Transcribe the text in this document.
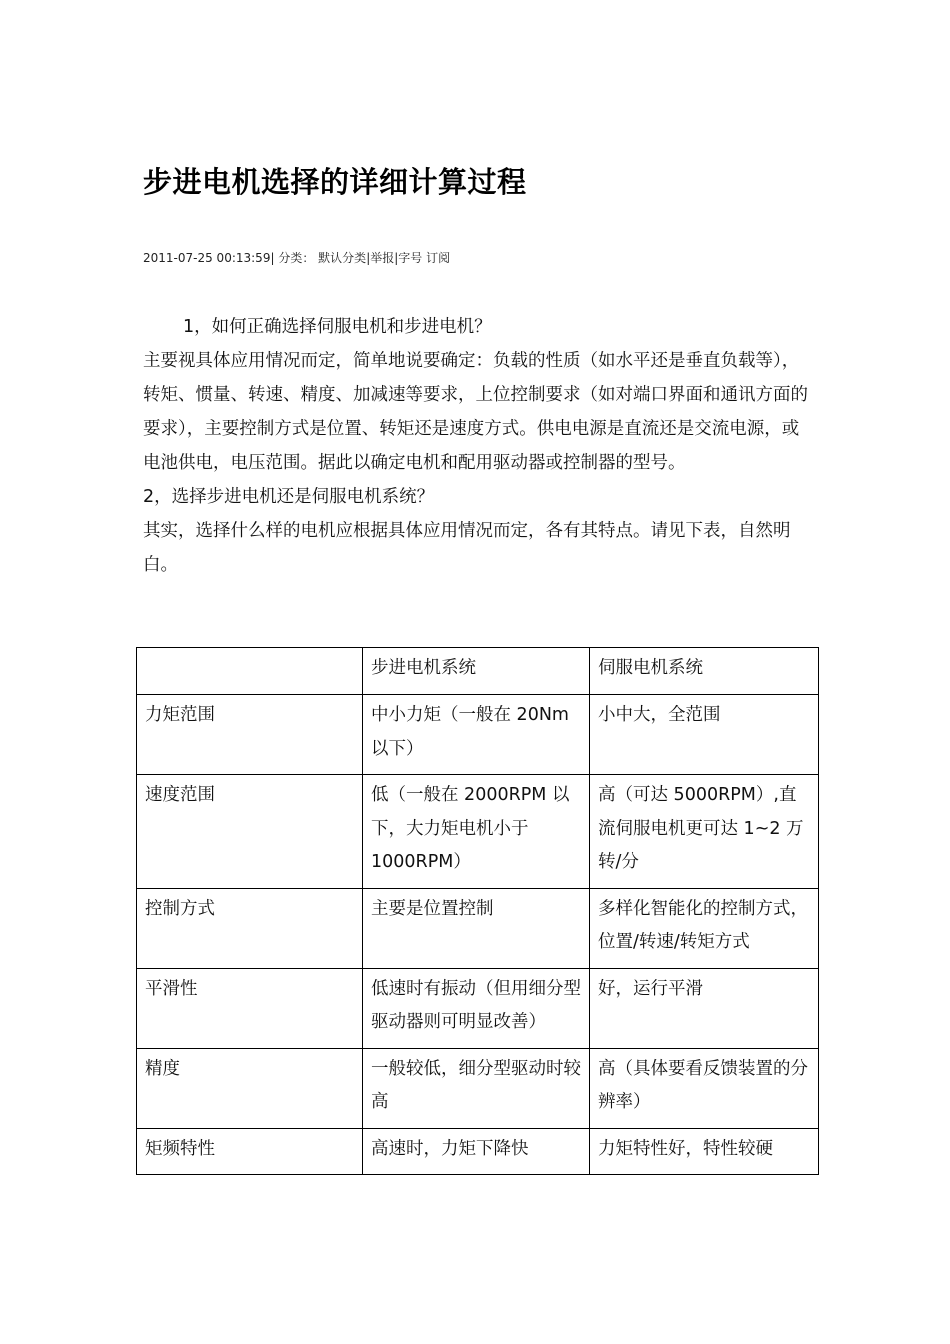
步进电机选择的详细计算过程
2011-07-25 00:13:59| 分类： 默认分类|举报|字号 订阅

1，如何正确选择伺服电机和步进电机？

主要视具体应用情况而定，简单地说要确定：负载的性质（如水平还是垂直负载等），转矩、惯量、转速、精度、加减速等要求，上位控制要求（如对端口界面和通讯方面的要求），主要控制方式是位置、转矩还是速度方式。供电电源是直流还是交流电源，或电池供电，电压范围。据此以确定电机和配用驱动器或控制器的型号。

2，选择步进电机还是伺服电机系统？

其实，选择什么样的电机应根据具体应用情况而定，各有其特点。请见下表，自然明白。

	步进电机系统	伺服电机系统
力矩范围	中小力矩（一般在 20Nm 以下）	小中大，全范围
速度范围	低（一般在 2000RPM 以下，大力矩电机小于 1000RPM）	高（可达 5000RPM）,直流伺服电机更可达 1~2 万转/分
控制方式	主要是位置控制	多样化智能化的控制方式，位置/转速/转矩方式
平滑性	低速时有振动（但用细分型驱动器则可明显改善）	好，运行平滑
精度	一般较低，细分型驱动时较高	高（具体要看反馈装置的分辨率）
矩频特性	高速时，力矩下降快	力矩特性好，特性较硬
